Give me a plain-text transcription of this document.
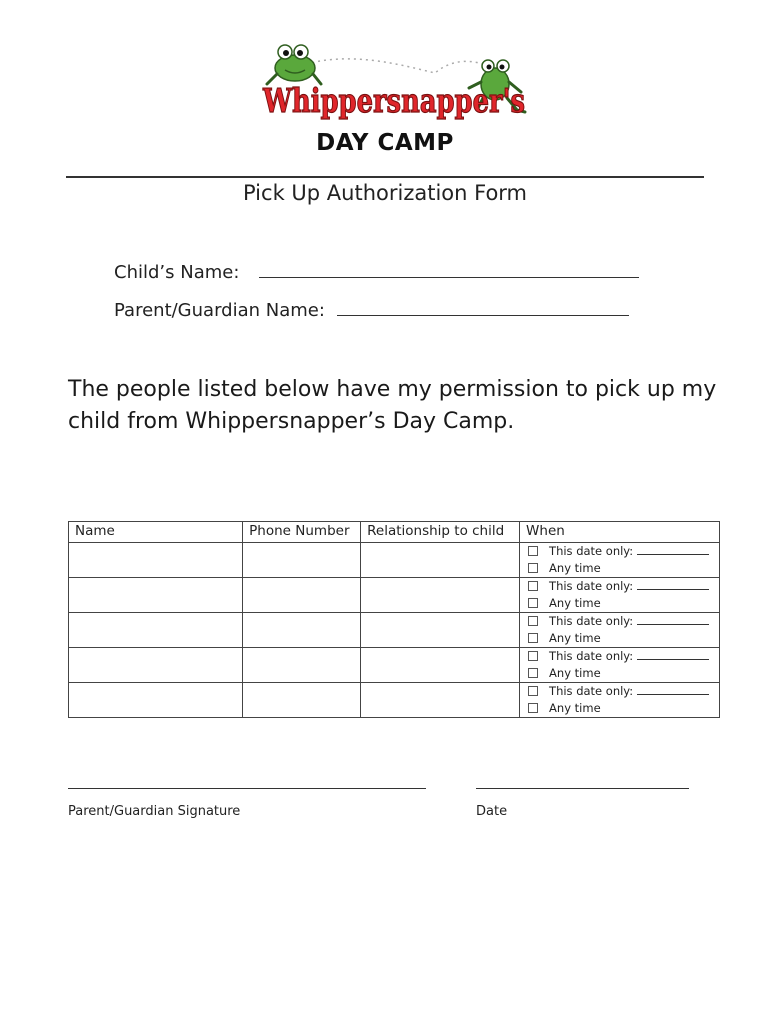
Whippersnapper's
DAY CAMP
Pick Up Authorization Form
Child’s Name:
Parent/Guardian Name:
The people listed below have my permission to pick up my child from Whippersnapper’s Day Camp.
Name	Phone Number	Relationship to child	When

			This date only:
Any time

			This date only:
Any time

			This date only:
Any time

			This date only:
Any time

			This date only:
Any time
Parent/Guardian Signature	Date
